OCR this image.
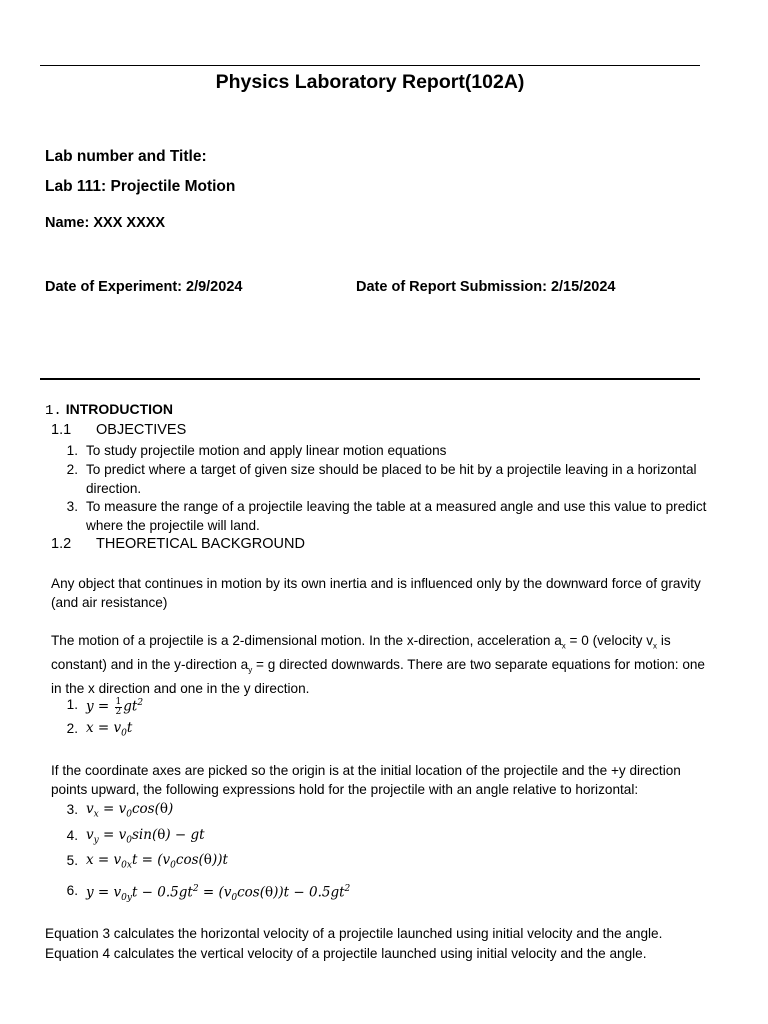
Physics Laboratory Report(102A)
Lab number and Title:
Lab 111: Projectile Motion
Name: XXX XXXX
Date of Experiment: 2/9/2024	Date of Report Submission: 2/15/2024
1. INTRODUCTION
1.1 OBJECTIVES
1. To study projectile motion and apply linear motion equations
2. To predict where a target of given size should be placed to be hit by a projectile leaving in a horizontal
direction.
3. To measure the range of a projectile leaving the table at a measured angle and use this value to predict
where the projectile will land.
1.2 THEORETICAL BACKGROUND
Any object that continues in motion by its own inertia and is influenced only by the downward force of gravity
(and air resistance)
The motion of a projectile is a 2-dimensional motion. In the x-direction, acceleration $a_x = 0$ (velocity $v_x$ is
constant) and in the y-direction $a_y = g$ directed downwards. There are two separate equations for motion: one
in the x direction and one in the y direction.
1. $y = \frac{1}{2} gt^2$
2. $x = v_0t$
If the coordinate axes are picked so the origin is at the initial location of the projectile and the +y direction
points upward, the following expressions hold for the projectile with an angle relative to horizontal:
3. $v_x = v_0\cos(\theta)$
4. $v_y = v_0\sin(\theta)$ − gt
5. $x = v_{0x}t = (v_0\cos(\theta))t$
6. $y = v_{0y}t - 0.5gt^2 = (v_0\cos(\theta))t - 0.5gt^2$
Equation 3 calculates the horizontal velocity of a projectile launched using initial velocity and the angle.
Equation 4 calculates the vertical velocity of a projectile launched using initial velocity and the angle.
